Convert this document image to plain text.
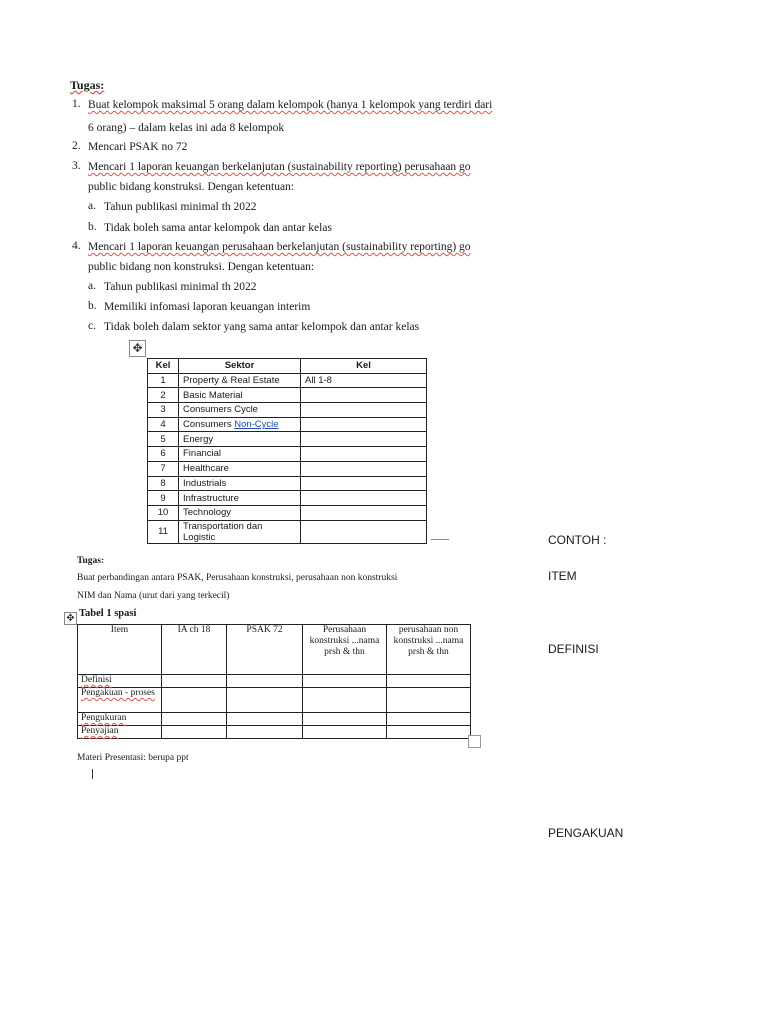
Tugas:
1. Buat kelompok maksimal 5 orang dalam kelompok (hanya 1 kelompok yang terdiri dari
6 orang) – dalam kelas ini ada 8 kelompok
2. Mencari PSAK no 72
3. Mencari 1 laporan keuangan berkelanjutan (sustainability reporting) perusahaan go
public bidang konstruksi. Dengan ketentuan:
a. Tahun publikasi minimal th 2022
b. Tidak boleh sama antar kelompok dan antar kelas
4. Mencari 1 laporan keuangan perusahaan berkelanjutan (sustainability reporting) go
public bidang non konstruksi. Dengan ketentuan:
a. Tahun publikasi minimal th 2022
b. Memiliki infomasi laporan keuangan interim
c. Tidak boleh dalam sektor yang sama antar kelompok dan antar kelas
✥
Kel	Sektor	Kel
1	Property & Real Estate	All 1-8
2	Basic Material	
3	Consumers Cycle	
4	Consumers Non-Cycle	
5	Energy	
6	Financial	
7	Healthcare	
8	Industrials	
9	Infrastructure	
10	Technology	
11	Transportation dan Logistic	
Tugas:
Buat perbandingan antara PSAK, Perusahaan konstruksi, perusahaan non konstruksi
NIM dan Nama (urut dari yang terkecil)
✥ Tabel 1 spasi
Item	IA ch 18	PSAK 72	Perusahaan konstruksi ...nama prsh & thn	perusahaan non konstruksi ...nama prsh & thn
Definisi				
Pengakuan - proses				
Pengukuran				
Penyajian				
Materi Presentasi: berupa ppt
CONTOH :
ITEM
DEFINISI
PENGAKUAN
